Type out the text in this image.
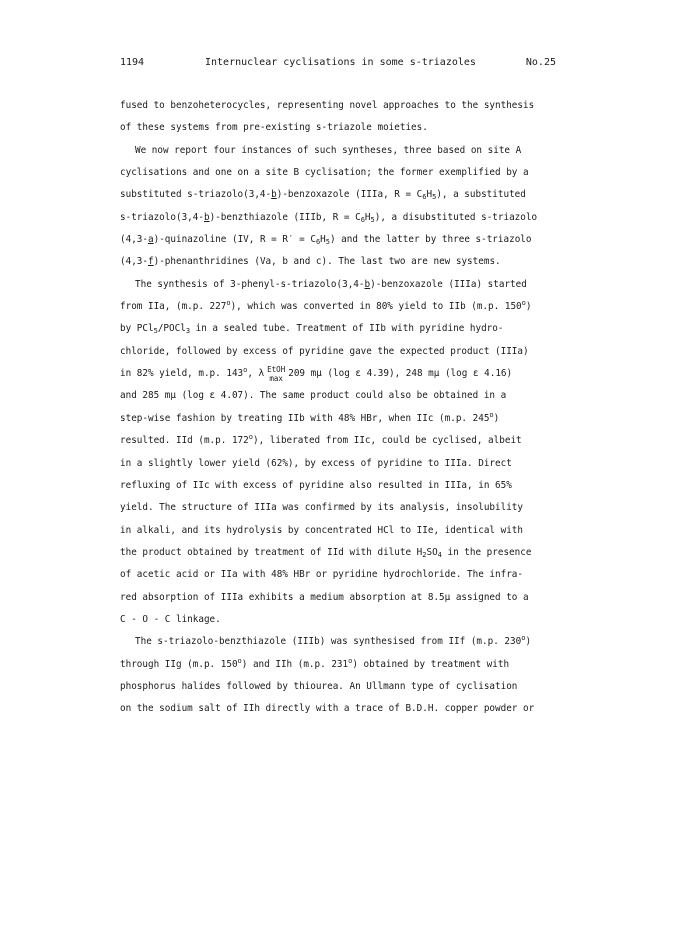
1194	Internuclear cyclisations in some s-triazoles	No.25
fused to benzoheterocycles, representing novel approaches to the synthesis
of these systems from pre-existing s-triazole moieties.
We now report four instances of such syntheses, three based on site A
cyclisations and one on a site B cyclisation; the former exemplified by a
substituted s-triazolo(3,4-b)-benzoxazole (IIIa, $R = C_6H_5$), a substituted
s-triazolo(3,4-b)-benzthiazole (IIIb, $R = C_6H_5$), a disubstituted s-triazolo
(4,3-a)-quinazoline (IV, $R = R' = C_6H_5$) and the latter by three s-triazolo
(4,3-f)-phenanthridines (Va, b and c). The last two are new systems.
The synthesis of 3-phenyl-s-triazolo(3,4-b)-benzoxazole (IIIa) started
from IIa, (m.p. 227$^o$), which was converted in 80% yield to IIb (m.p. 150$^o$)
by PCl$_5$/POCl$_3$ in a sealed tube. Treatment of IIb with pyridine hydro-
chloride, followed by excess of pyridine gave the expected product (IIIa)
in 82% yield, m.p. 143$^o$, λ EtOH
max 209 mμ (log ε 4.39), 248 mμ (log ε 4.16)
and 285 mμ (log ε 4.07). The same product could also be obtained in a
step-wise fashion by treating IIb with 48% HBr, when IIc (m.p. 245$^o$)
resulted. IId (m.p. 172$^o$), liberated from IIc, could be cyclised, albeit
in a slightly lower yield (62%), by excess of pyridine to IIIa. Direct
refluxing of IIc with excess of pyridine also resulted in IIIa, in 65%
yield. The structure of IIIa was confirmed by its analysis, insolubility
in alkali, and its hydrolysis by concentrated HCl to IIe, identical with
the product obtained by treatment of IId with dilute $H_2SO_4$ in the presence
of acetic acid or IIa with 48% HBr or pyridine hydrochloride. The infra-
red absorption of IIIa exhibits a medium absorption at 8.5μ assigned to a
C - O - C linkage.
The s-triazolo-benzthiazole (IIIb) was synthesised from IIf (m.p. 230$^o$)
through IIg (m.p. 150$^o$) and IIh (m.p. 231$^o$) obtained by treatment with
phosphorus halides followed by thiourea. An Ullmann type of cyclisation
on the sodium salt of IIh directly with a trace of B.D.H. copper powder or
